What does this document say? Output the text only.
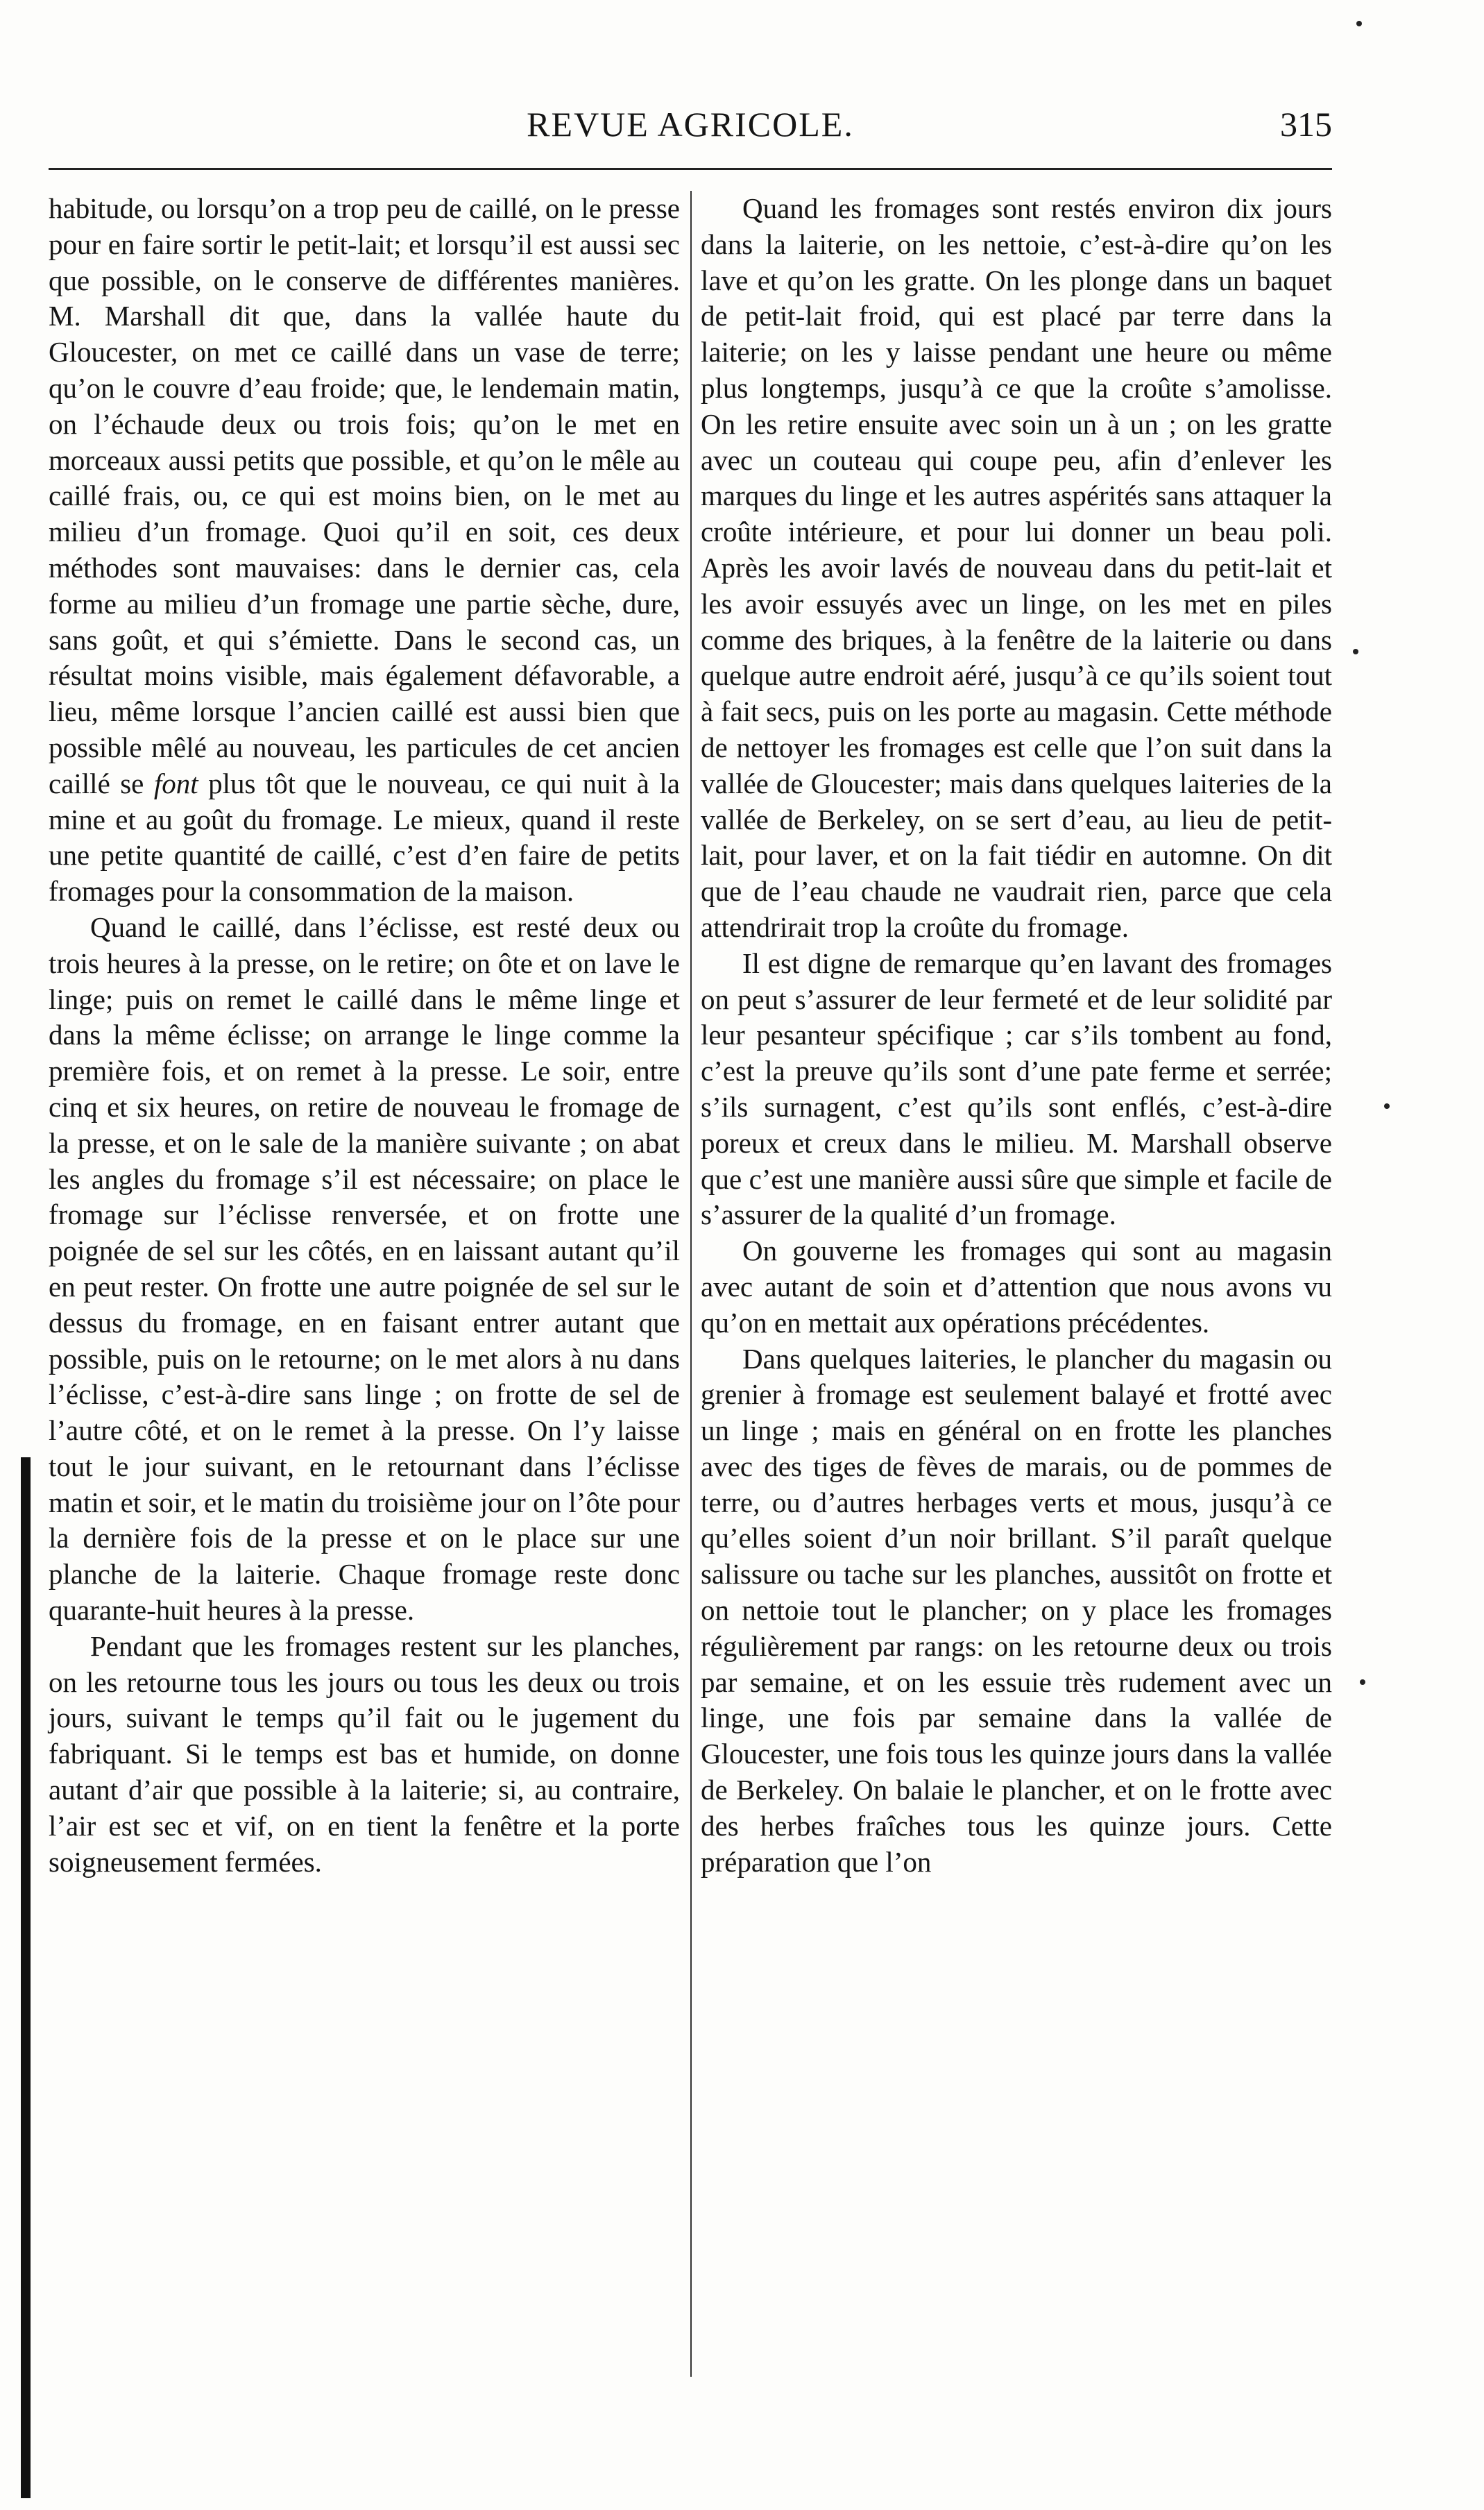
REVUE AGRICOLE.	315

habitude, ou lorsqu’on a trop peu de caillé, on le presse pour en faire sortir le petit-lait; et lorsqu’il est aussi sec que possible, on le conserve de différentes manières. M. Marshall dit que, dans la vallée haute du Gloucester, on met ce caillé dans un vase de terre; qu’on le couvre d’eau froide; que, le lendemain matin, on l’échaude deux ou trois fois; qu’on le met en morceaux aussi petits que possible, et qu’on le mêle au caillé frais, ou, ce qui est moins bien, on le met au milieu d’un fromage. Quoi qu’il en soit, ces deux méthodes sont mauvaises: dans le dernier cas, cela forme au milieu d’un fromage une partie sèche, dure, sans goût, et qui s’émiette. Dans le second cas, un résultat moins visible, mais également défavorable, a lieu, même lorsque l’ancien caillé est aussi bien que possible mêlé au nouveau, les particules de cet ancien caillé se font plus tôt que le nouveau, ce qui nuit à la mine et au goût du fromage. Le mieux, quand il reste une petite quantité de caillé, c’est d’en faire de petits fromages pour la consommation de la maison.

Quand le caillé, dans l’éclisse, est resté deux ou trois heures à la presse, on le retire; on ôte et on lave le linge; puis on remet le caillé dans le même linge et dans la même éclisse; on arrange le linge comme la première fois, et on remet à la presse. Le soir, entre cinq et six heures, on retire de nouveau le fromage de la presse, et on le sale de la manière suivante ; on abat les angles du fromage s’il est nécessaire; on place le fromage sur l’éclisse renversée, et on frotte une poignée de sel sur les côtés, en en laissant autant qu’il en peut rester. On frotte une autre poignée de sel sur le dessus du fromage, en en faisant entrer autant que possible, puis on le retourne; on le met alors à nu dans l’éclisse, c’est-à-dire sans linge ; on frotte de sel de l’autre côté, et on le remet à la presse. On l’y laisse tout le jour suivant, en le retournant dans l’éclisse matin et soir, et le matin du troisième jour on l’ôte pour la dernière fois de la presse et on le place sur une planche de la laiterie. Chaque fromage reste donc quarante-huit heures à la presse.

Pendant que les fromages restent sur les planches, on les retourne tous les jours ou tous les deux ou trois jours, suivant le temps qu’il fait ou le jugement du fabriquant. Si le temps est bas et humide, on donne autant d’air que possible à la laiterie; si, au contraire, l’air est sec et vif, on en tient la fenêtre et la porte soigneusement fermées.

Quand les fromages sont restés environ dix jours dans la laiterie, on les nettoie, c’est-à-dire qu’on les lave et qu’on les gratte. On les plonge dans un baquet de petit-lait froid, qui est placé par terre dans la laiterie; on les y laisse pendant une heure ou même plus longtemps, jusqu’à ce que la croûte s’amolisse. On les retire ensuite avec soin un à un ; on les gratte avec un couteau qui coupe peu, afin d’enlever les marques du linge et les autres aspérités sans attaquer la croûte intérieure, et pour lui donner un beau poli. Après les avoir lavés de nouveau dans du petit-lait et les avoir essuyés avec un linge, on les met en piles comme des briques, à la fenêtre de la laiterie ou dans quelque autre endroit aéré, jusqu’à ce qu’ils soient tout à fait secs, puis on les porte au magasin. Cette méthode de nettoyer les fromages est celle que l’on suit dans la vallée de Gloucester; mais dans quelques laiteries de la vallée de Berkeley, on se sert d’eau, au lieu de petit-lait, pour laver, et on la fait tiédir en automne. On dit que de l’eau chaude ne vaudrait rien, parce que cela attendrirait trop la croûte du fromage.

Il est digne de remarque qu’en lavant des fromages on peut s’assurer de leur fermeté et de leur solidité par leur pesanteur spécifique ; car s’ils tombent au fond, c’est la preuve qu’ils sont d’une pate ferme et serrée; s’ils surnagent, c’est qu’ils sont enflés, c’est-à-dire poreux et creux dans le milieu. M. Marshall observe que c’est une manière aussi sûre que simple et facile de s’assurer de la qualité d’un fromage.

On gouverne les fromages qui sont au magasin avec autant de soin et d’attention que nous avons vu qu’on en mettait aux opérations précédentes.

Dans quelques laiteries, le plancher du magasin ou grenier à fromage est seulement balayé et frotté avec un linge ; mais en général on en frotte les planches avec des tiges de fèves de marais, ou de pommes de terre, ou d’autres herbages verts et mous, jusqu’à ce qu’elles soient d’un noir brillant. S’il paraît quelque salissure ou tache sur les planches, aussitôt on frotte et on nettoie tout le plancher; on y place les fromages régulièrement par rangs: on les retourne deux ou trois par semaine, et on les essuie très rudement avec un linge, une fois par semaine dans la vallée de Gloucester, une fois tous les quinze jours dans la vallée de Berkeley. On balaie le plancher, et on le frotte avec des herbes fraîches tous les quinze jours. Cette préparation que l’on
